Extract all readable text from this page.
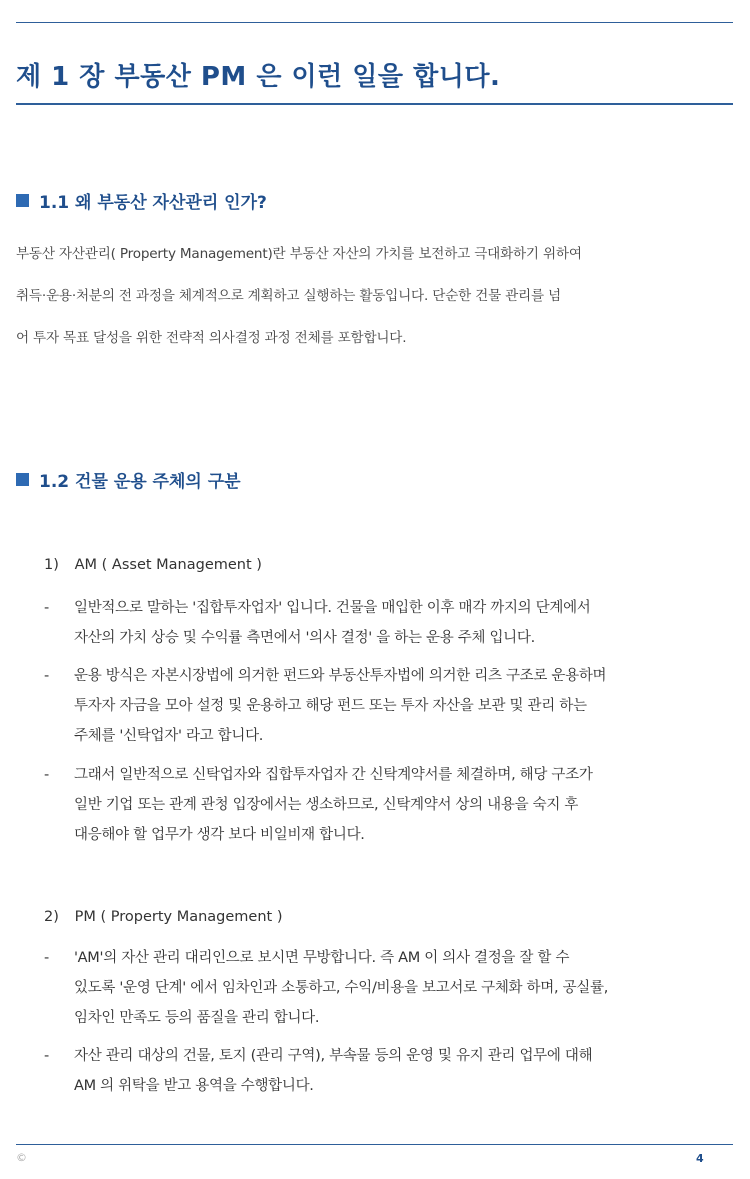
제 1 장 부동산 PM 은 이런 일을 합니다.
1.1 왜 부동산 자산관리 인가?
부동산 자산관리( Property Management)란 부동산 자산의 가치를 보전하고 극대화하기 위하여
취득·운용·처분의 전 과정을 체계적으로 계획하고 실행하는 활동입니다. 단순한 건물 관리를 넘
어 투자 목표 달성을 위한 전략적 의사결정 과정 전체를 포함합니다.
1.2 건물 운용 주체의 구분
1) AM ( Asset Management )
- 일반적으로 말하는 '집합투자업자' 입니다. 건물을 매입한 이후 매각 까지의 단계에서
자산의 가치 상승 및 수익률 측면에서 '의사 결정' 을 하는 운용 주체 입니다.
- 운용 방식은 자본시장법에 의거한 펀드와 부동산투자법에 의거한 리츠 구조로 운용하며
투자자 자금을 모아 설정 및 운용하고 해당 펀드 또는 투자 자산을 보관 및 관리 하는
주체를 '신탁업자' 라고 합니다.
- 그래서 일반적으로 신탁업자와 집합투자업자 간 신탁계약서를 체결하며, 해당 구조가
일반 기업 또는 관계 관청 입장에서는 생소하므로, 신탁계약서 상의 내용을 숙지 후
대응해야 할 업무가 생각 보다 비일비재 합니다.
2) PM ( Property Management )
- 'AM'의 자산 관리 대리인으로 보시면 무방합니다. 즉 AM 이 의사 결정을 잘 할 수
있도록 '운영 단계' 에서 임차인과 소통하고, 수익/비용을 보고서로 구체화 하며, 공실률,
임차인 만족도 등의 품질을 관리 합니다.
- 자산 관리 대상의 건물, 토지 (관리 구역), 부속물 등의 운영 및 유지 관리 업무에 대해
AM 의 위탁을 받고 용역을 수행합니다.
©	4
